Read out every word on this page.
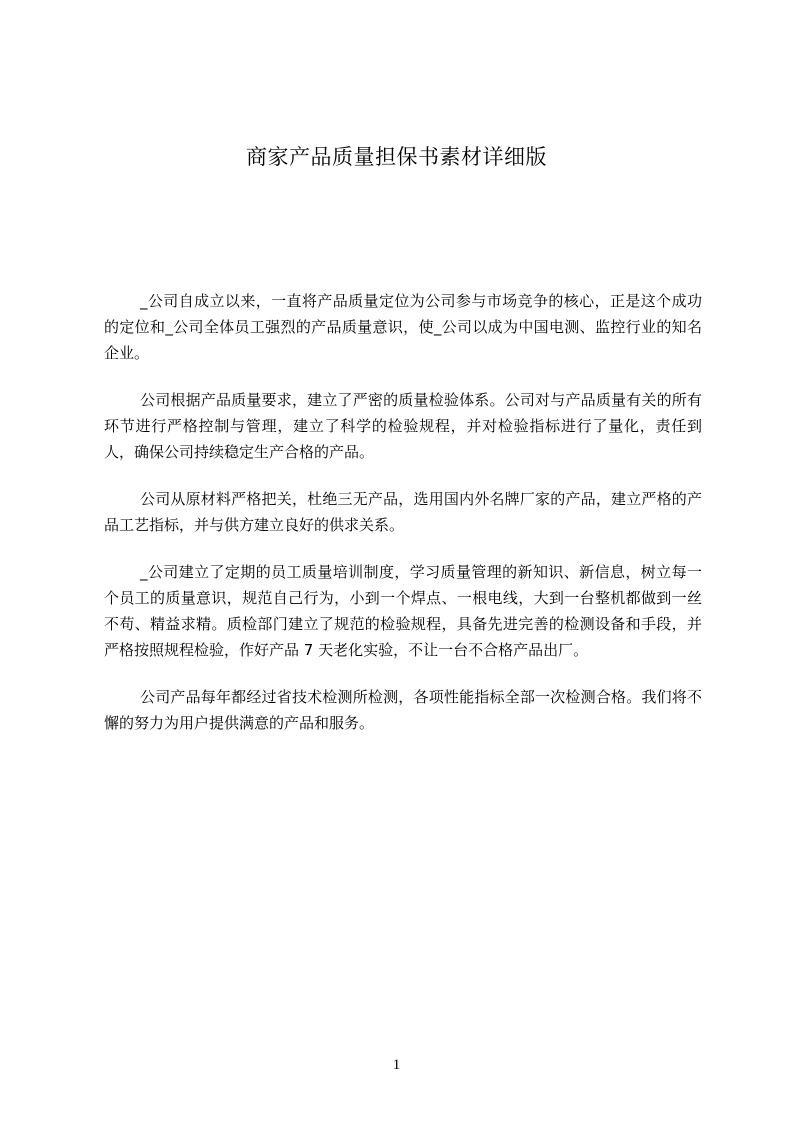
商家产品质量担保书素材详细版

_公司自成立以来，一直将产品质量定位为公司参与市场竞争的核心，正是这个成功的定位和_公司全体员工强烈的产品质量意识，使_公司以成为中国电测、监控行业的知名企业。

公司根据产品质量要求，建立了严密的质量检验体系。公司对与产品质量有关的所有环节进行严格控制与管理，建立了科学的检验规程，并对检验指标进行了量化，责任到人，确保公司持续稳定生产合格的产品。

公司从原材料严格把关，杜绝三无产品，选用国内外名牌厂家的产品，建立严格的产品工艺指标，并与供方建立良好的供求关系。

_公司建立了定期的员工质量培训制度，学习质量管理的新知识、新信息，树立每一个员工的质量意识，规范自己行为，小到一个焊点、一根电线，大到一台整机都做到一丝不苟、精益求精。质检部门建立了规范的检验规程，具备先进完善的检测设备和手段，并严格按照规程检验，作好产品 7 天老化实验，不让一台不合格产品出厂。

公司产品每年都经过省技术检测所检测，各项性能指标全部一次检测合格。我们将不懈的努力为用户提供满意的产品和服务。

1
